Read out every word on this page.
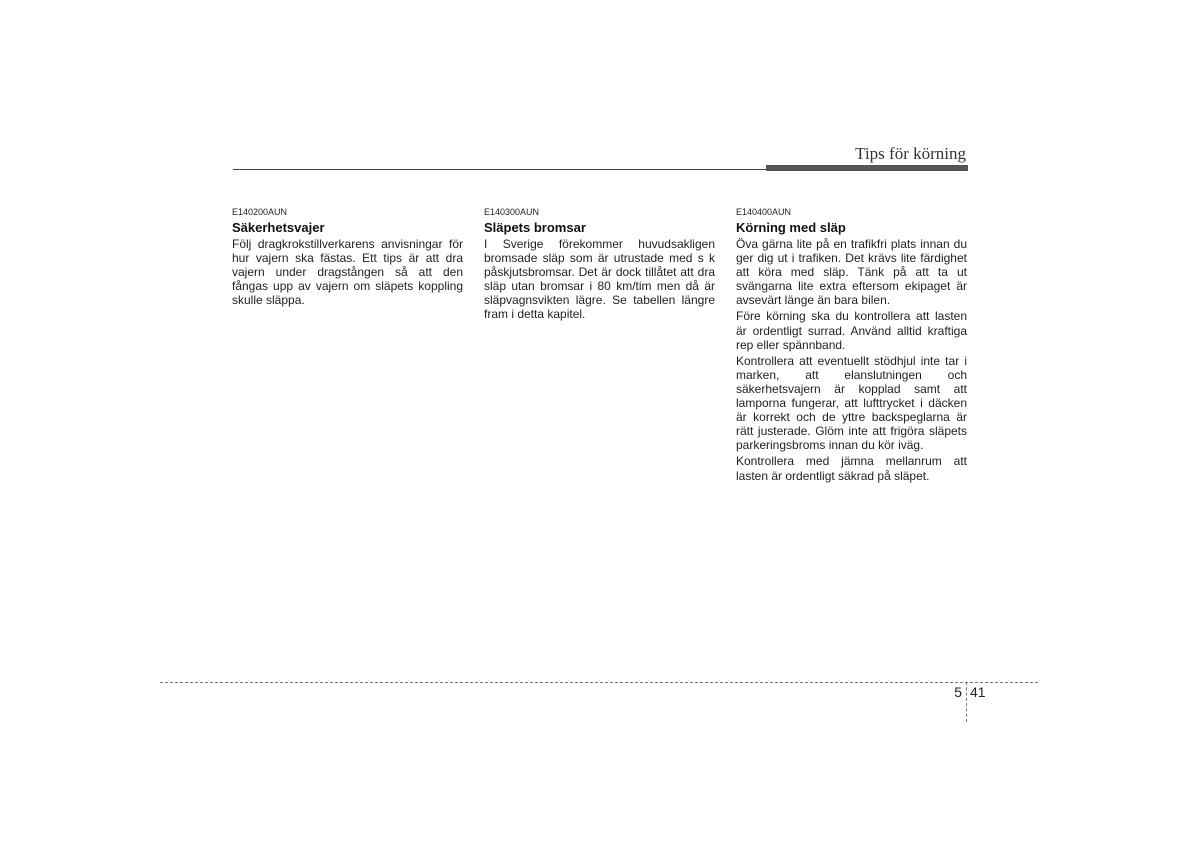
Tips för körning
E140200AUN
Säkerhetsvajer

Följ dragkrokstillverkarens anvisningar för hur vajern ska fästas. Ett tips är att dra vajern under dragstången så att den fångas upp av vajern om släpets koppling skulle släppa.

E140300AUN
Släpets bromsar

I Sverige förekommer huvudsakligen bromsade släp som är utrustade med s k påskjutsbromsar. Det är dock tillåtet att dra släp utan bromsar i 80 km/tim men då är släpvagnsvikten lägre. Se tabellen längre fram i detta kapitel.

E140400AUN
Körning med släp

Öva gärna lite på en trafikfri plats innan du ger dig ut i trafiken. Det krävs lite färdighet att köra med släp. Tänk på att ta ut svängarna lite extra eftersom ekipaget är avsevärt länge än bara bilen.

Före körning ska du kontrollera att lasten är ordentligt surrad. Använd alltid kraftiga rep eller spännband.

Kontrollera att eventuellt stödhjul inte tar i marken, att elanslutningen och säkerhetsvajern är kopplad samt att lamporna fungerar, att lufttrycket i däcken är korrekt och de yttre backspeglarna är rätt justerade. Glöm inte att frigöra släpets parkeringsbroms innan du kör iväg.

Kontrollera med jämna mellanrum att lasten är ordentligt säkrad på släpet.

5 41
